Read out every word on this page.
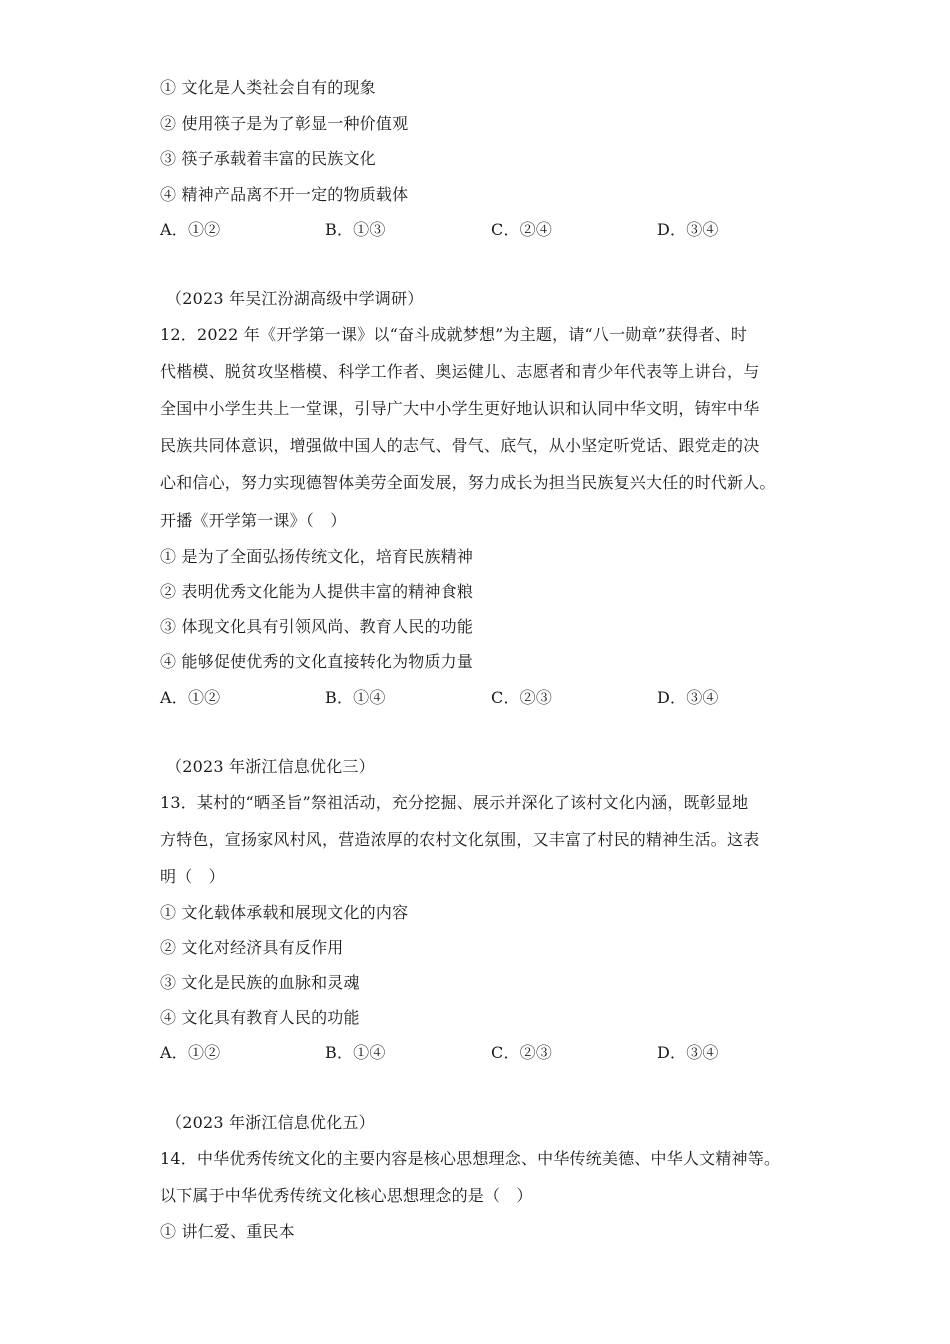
① 文化是人类社会自有的现象
② 使用筷子是为了彰显一种价值观
③ 筷子承载着丰富的民族文化
④ 精神产品离不开一定的物质载体
A．①②	B．①③	C．②④	D．③④
（2023 年吴江汾湖高级中学调研）
12．2022 年《开学第一课》以“奋斗成就梦想”为主题，请“八一勋章”获得者、时
代楷模、脱贫攻坚楷模、科学工作者、奥运健儿、志愿者和青少年代表等上讲台，与
全国中小学生共上一堂课，引导广大中小学生更好地认识和认同中华文明，铸牢中华
民族共同体意识，增强做中国人的志气、骨气、底气，从小坚定听党话、跟党走的决
心和信心，努力实现德智体美劳全面发展，努力成长为担当民族复兴大任的时代新人。
开播《开学第一课》（　）
① 是为了全面弘扬传统文化，培育民族精神
② 表明优秀文化能为人提供丰富的精神食粮
③ 体现文化具有引领风尚、教育人民的功能
④ 能够促使优秀的文化直接转化为物质力量
A．①②	B．①④	C．②③	D．③④
（2023 年浙江信息优化三）
13．某村的“晒圣旨”祭祖活动，充分挖掘、展示并深化了该村文化内涵，既彰显地
方特色，宣扬家风村风，营造浓厚的农村文化氛围，又丰富了村民的精神生活。这表
明（　）
① 文化载体承载和展现文化的内容
② 文化对经济具有反作用
③ 文化是民族的血脉和灵魂
④ 文化具有教育人民的功能
A．①②	B．①④	C．②③	D．③④
（2023 年浙江信息优化五）
14．中华优秀传统文化的主要内容是核心思想理念、中华传统美德、中华人文精神等。
以下属于中华优秀传统文化核心思想理念的是（　）
① 讲仁爱、重民本
